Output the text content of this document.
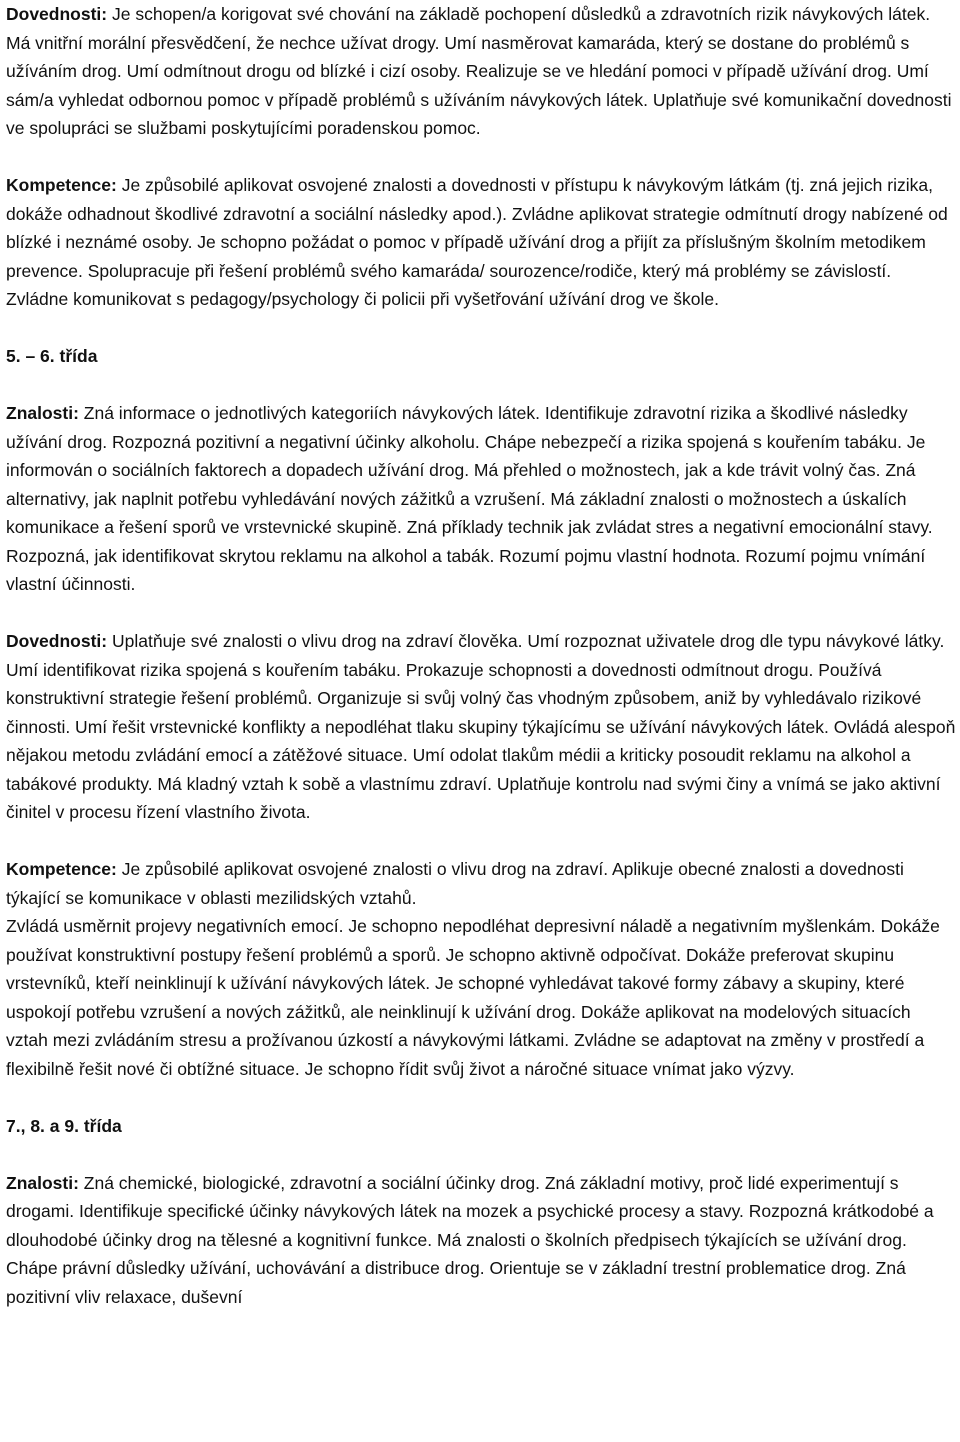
Dovednosti: Je schopen/a korigovat své chování na základě pochopení důsledků a zdravotních rizik návykových látek. Má vnitřní morální přesvědčení, že nechce užívat drogy. Umí nasměrovat kamaráda, který se dostane do problémů s užíváním drog. Umí odmítnout drogu od blízké i cizí osoby. Realizuje se ve hledání pomoci v případě užívání drog. Umí sám/a vyhledat odbornou pomoc v případě problémů s užíváním návykových látek. Uplatňuje své komunikační dovednosti ve spolupráci se službami poskytujícími poradenskou pomoc.

Kompetence: Je způsobilé aplikovat osvojené znalosti a dovednosti v přístupu k návykovým látkám (tj. zná jejich rizika, dokáže odhadnout škodlivé zdravotní a sociální následky apod.). Zvládne aplikovat strategie odmítnutí drogy nabízené od blízké i neznámé osoby. Je schopno požádat o pomoc v případě užívání drog a přijít za příslušným školním metodikem prevence. Spolupracuje při řešení problémů svého kamaráda/ sourozence/rodiče, který má problémy se závislostí. Zvládne komunikovat s pedagogy/psychology či policii při vyšetřování užívání drog ve škole.

5. – 6. třída

Znalosti: Zná informace o jednotlivých kategoriích návykových látek. Identifikuje zdravotní rizika a škodlivé následky užívání drog. Rozpozná pozitivní a negativní účinky alkoholu. Chápe nebezpečí a rizika spojená s kouřením tabáku. Je informován o sociálních faktorech a dopadech užívání drog. Má přehled o možnostech, jak a kde trávit volný čas. Zná alternativy, jak naplnit potřebu vyhledávání nových zážitků a vzrušení. Má základní znalosti o možnostech a úskalích komunikace a řešení sporů ve vrstevnické skupině. Zná příklady technik jak zvládat stres a negativní emocionální stavy. Rozpozná, jak identifikovat skrytou reklamu na alkohol a tabák. Rozumí pojmu vlastní hodnota. Rozumí pojmu vnímání vlastní účinnosti.

Dovednosti: Uplatňuje své znalosti o vlivu drog na zdraví člověka. Umí rozpoznat uživatele drog dle typu návykové látky. Umí identifikovat rizika spojená s kouřením tabáku. Prokazuje schopnosti a dovednosti odmítnout drogu. Používá konstruktivní strategie řešení problémů. Organizuje si svůj volný čas vhodným způsobem, aniž by vyhledávalo rizikové činnosti. Umí řešit vrstevnické konflikty a nepodléhat tlaku skupiny týkajícímu se užívání návykových látek. Ovládá alespoň nějakou metodu zvládání emocí a zátěžové situace. Umí odolat tlakům médii a kriticky posoudit reklamu na alkohol a tabákové produkty. Má kladný vztah k sobě a vlastnímu zdraví. Uplatňuje kontrolu nad svými činy a vnímá se jako aktivní činitel v procesu řízení vlastního života.

Kompetence: Je způsobilé aplikovat osvojené znalosti o vlivu drog na zdraví. Aplikuje obecné znalosti a dovednosti týkající se komunikace v oblasti mezilidských vztahů.

Zvládá usměrnit projevy negativních emocí. Je schopno nepodléhat depresivní náladě a negativním myšlenkám. Dokáže používat konstruktivní postupy řešení problémů a sporů. Je schopno aktivně odpočívat. Dokáže preferovat skupinu vrstevníků, kteří neinklinují k užívání návykových látek. Je schopné vyhledávat takové formy zábavy a skupiny, které uspokojí potřebu vzrušení a nových zážitků, ale neinklinují k užívání drog. Dokáže aplikovat na modelových situacích vztah mezi zvládáním stresu a prožívanou úzkostí a návykovými látkami. Zvládne se adaptovat na změny v prostředí a flexibilně řešit nové či obtížné situace. Je schopno řídit svůj život a náročné situace vnímat jako výzvy.

7., 8. a 9. třída

Znalosti: Zná chemické, biologické, zdravotní a sociální účinky drog. Zná základní motivy, proč lidé experimentují s drogami. Identifikuje specifické účinky návykových látek na mozek a psychické procesy a stavy. Rozpozná krátkodobé a dlouhodobé účinky drog na tělesné a kognitivní funkce. Má znalosti o školních předpisech týkajících se užívání drog. Chápe právní důsledky užívání, uchovávání a distribuce drog. Orientuje se v základní trestní problematice drog. Zná pozitivní vliv relaxace, duševní
